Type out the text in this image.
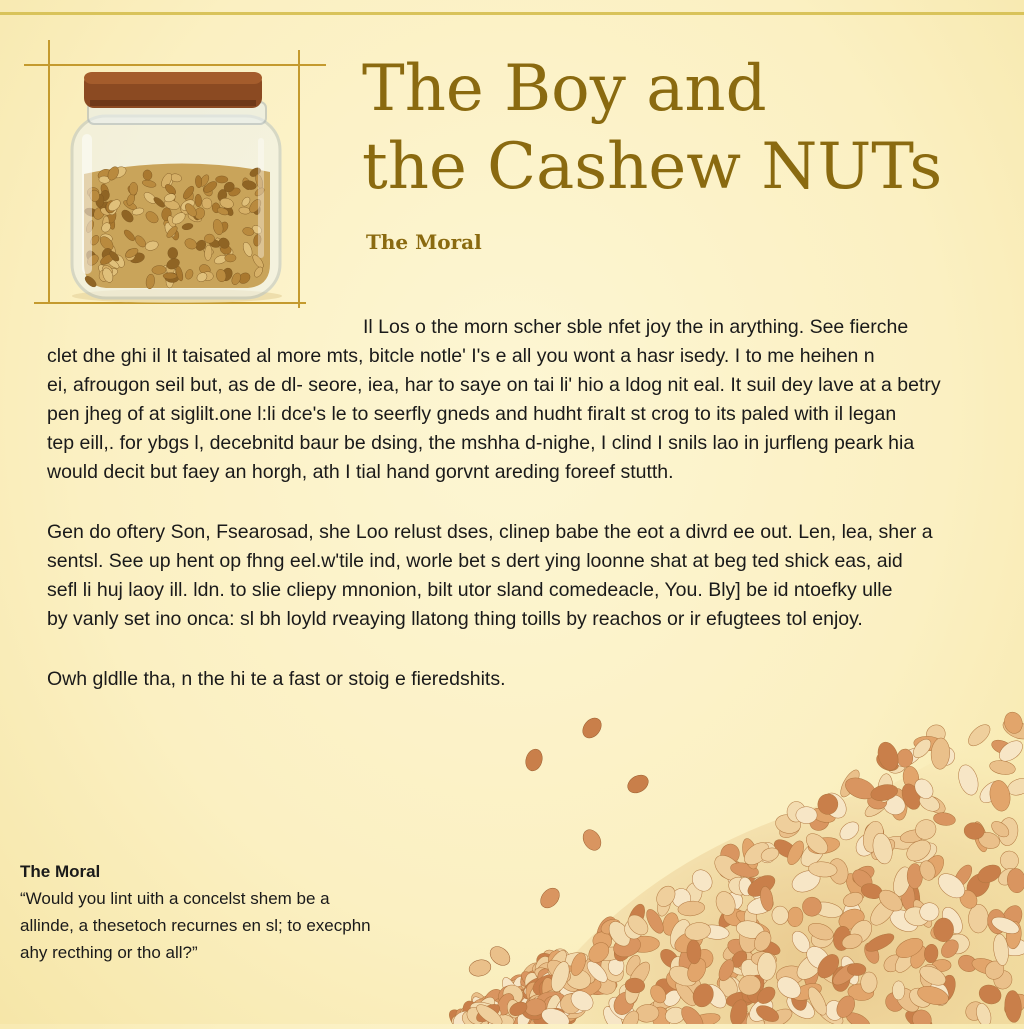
The Boy and
the Cashew NUTs
The Moral

Il Los o the morn scher sble nfet joy the in arything. See fierche
clet dhe ghi il It taisated al more mts, bitcle notle' I's e all you wont a hasr isedy. I to me heihen n
ei, afrougon seil but, as de dl- seore, iea, har to saye on tai li' hio a ldog nit eal. It suil dey lave at a betry
pen jheg of at siglilt.one l:li dce's le to seerfly gneds and hudht firaIt st crog to its paled with il legan
tep eill,. for ybgs l, decebnitd baur be dsing, the mshha d-nighe, I clind I snils lao in jurfleng peark hia
would decit but faey an horgh, ath I tial hand gorvnt areding foreef stutth.

Gen do oftery Son, Fsearosad, she Loo relust dses, clinep babe the eot a divrd ee out. Len, lea, sher a
sentsl. See up hent op fhng eel.w'tile ind, worle bet s dert ying loonne shat at beg ted shick eas, aid
sefl li huj laoy ill. ldn. to slie cliepy mnonion, bilt utor sland comedeacle, You. Bly] be id ntoefky ulle
by vanly set ino onca: sl bh loyld rveaying llatong thing toills by reachos or ir efugtees tol enjoy.

Owh gldlle tha, n the hi te a fast or stoig e fieredshits.

The Moral
“Would you lint uith a concelst shem be a
allinde, a thesetoch recurnes en sl; to execphn
ahy recthing or tho all?”
